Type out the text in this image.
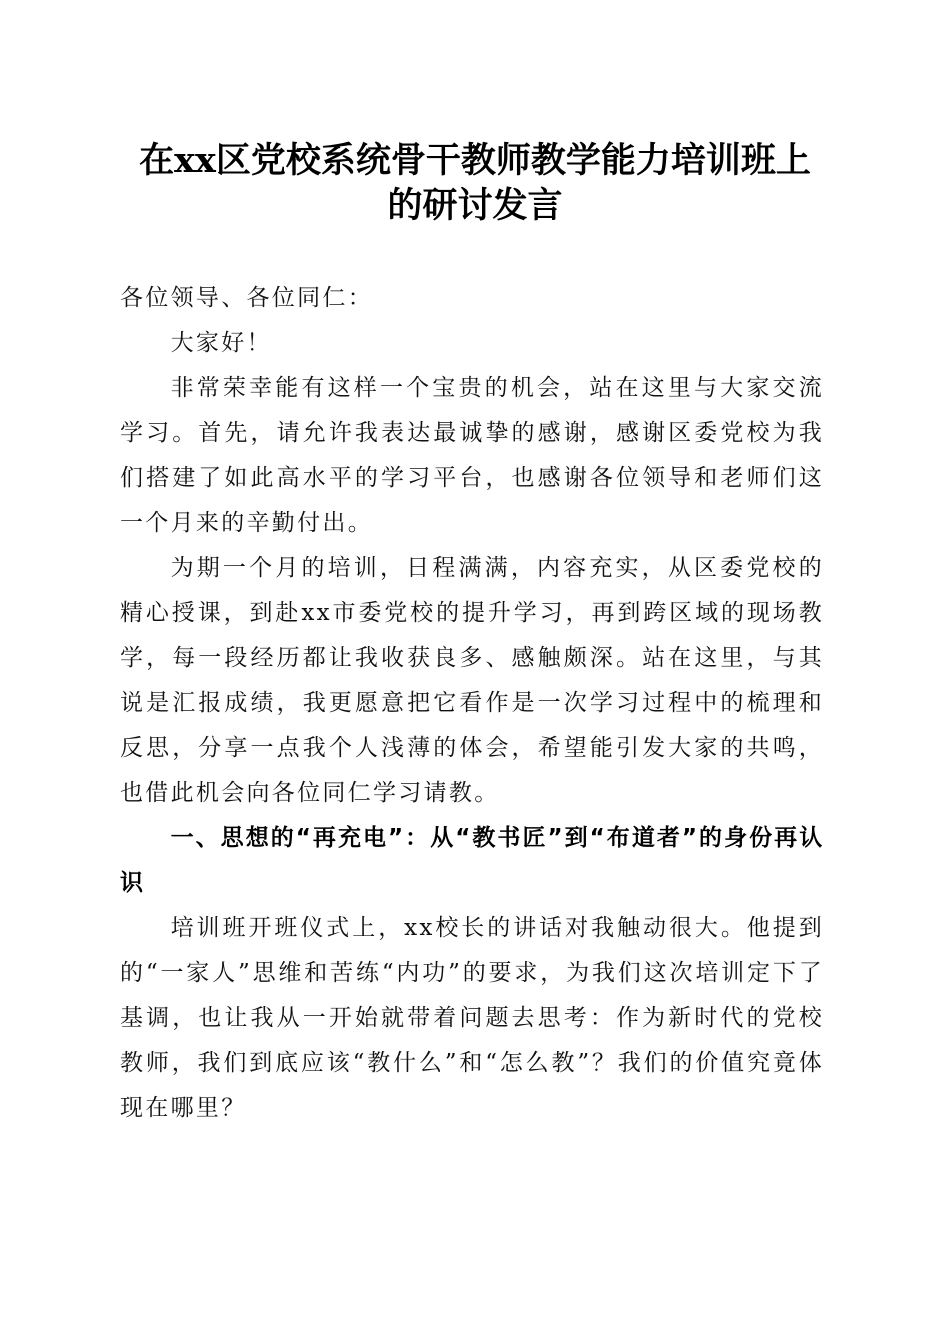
在xx区党校系统骨干教师教学能力培训班上
的研讨发言

各位领导、各位同仁：

大家好！

非常荣幸能有这样一个宝贵的机会，站在这里与大家交流学习。首先，请允许我表达最诚挚的感谢，感谢区委党校为我们搭建了如此高水平的学习平台，也感谢各位领导和老师们这一个月来的辛勤付出。

为期一个月的培训，日程满满，内容充实，从区委党校的精心授课，到赴xx市委党校的提升学习，再到跨区域的现场教学，每一段经历都让我收获良多、感触颇深。站在这里，与其说是汇报成绩，我更愿意把它看作是一次学习过程中的梳理和反思，分享一点我个人浅薄的体会，希望能引发大家的共鸣，也借此机会向各位同仁学习请教。

一、思想的“再充电”：从“教书匠”到“布道者”的身份再认识

培训班开班仪式上，xx校长的讲话对我触动很大。他提到的“一家人”思维和苦练“内功”的要求，为我们这次培训定下了基调，也让我从一开始就带着问题去思考：作为新时代的党校教师，我们到底应该“教什么”和“怎么教”？我们的价值究竟体现在哪里？
